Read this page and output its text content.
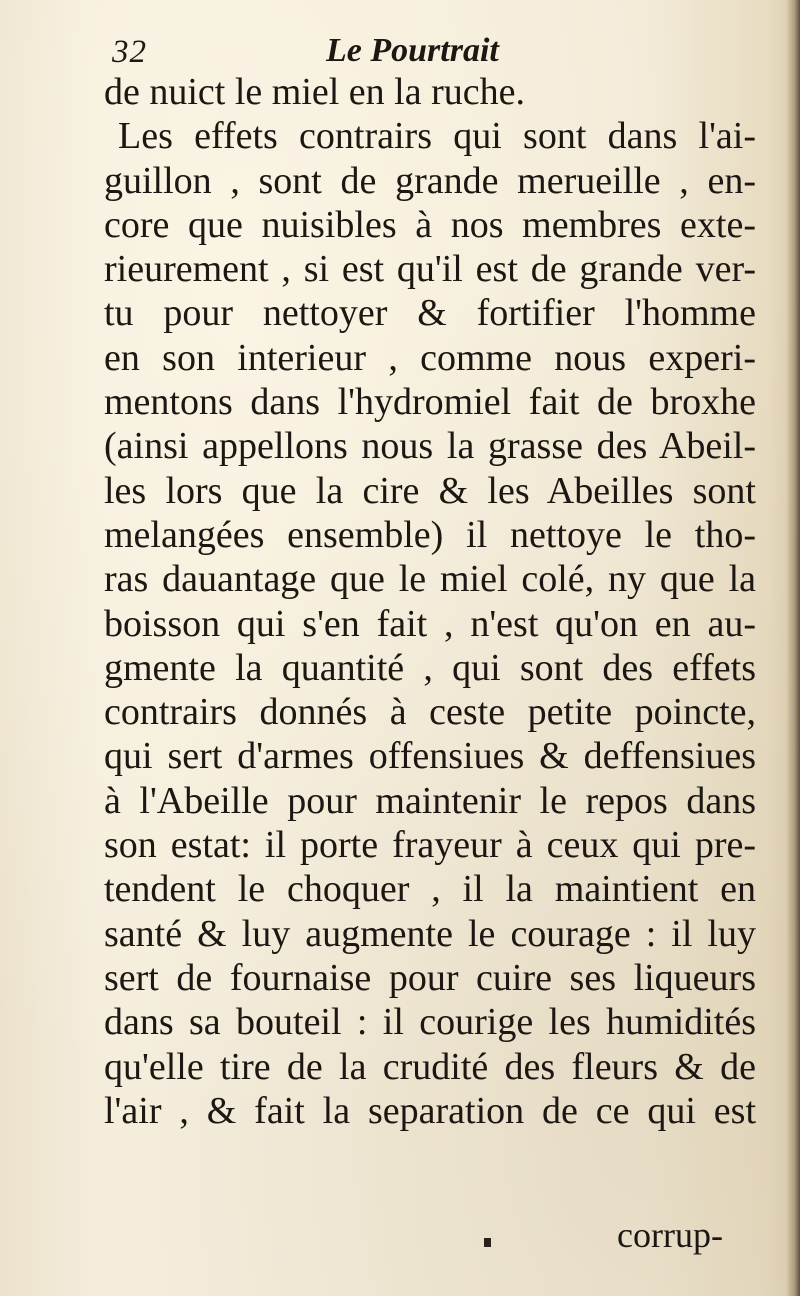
32	Le Pourtrait
de nuict le miel en la ruche.
Les effets contrairs qui sont dans l'ai-
guillon , sont de grande merueille , en-
core que nuisibles à nos membres exte-
rieurement , si est qu'il est de grande ver-
tu pour nettoyer & fortifier l'homme
en son interieur , comme nous experi-
mentons dans l'hydromiel fait de broxhe
(ainsi appellons nous la grasse des Abeil-
les lors que la cire & les Abeilles sont
melangées ensemble) il nettoye le tho-
ras dauantage que le miel colé, ny que la
boisson qui s'en fait , n'est qu'on en au-
gmente la quantité , qui sont des effets
contrairs donnés à ceste petite poincte,
qui sert d'armes offensiues & deffensiues
à l'Abeille pour maintenir le repos dans
son estat: il porte frayeur à ceux qui pre-
tendent le choquer , il la maintient en
santé & luy augmente le courage : il luy
sert de fournaise pour cuire ses liqueurs
dans sa bouteil : il courige les humidités
qu'elle tire de la crudité des fleurs & de
l'air , & fait la separation de ce qui est
corrup-
